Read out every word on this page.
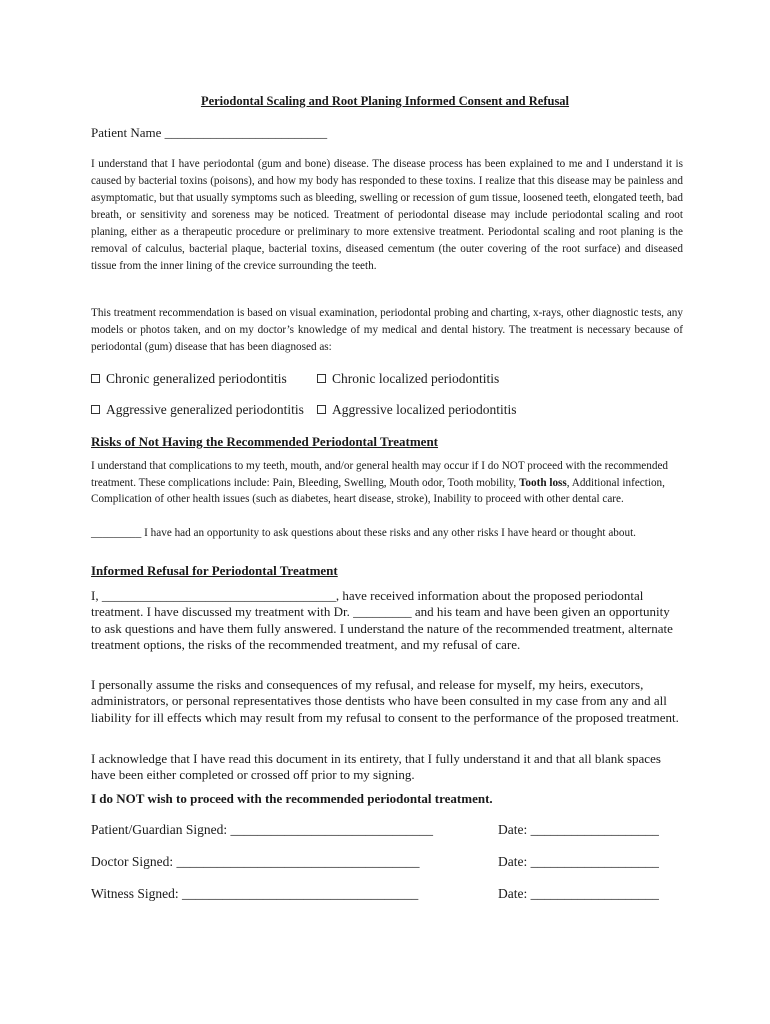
Periodontal Scaling and Root Planing Informed Consent and Refusal
Patient Name _________________________
I understand that I have periodontal (gum and bone) disease. The disease process has been explained to me and I understand it is caused by bacterial toxins (poisons), and how my body has responded to these toxins. I realize that this disease may be painless and asymptomatic, but that usually symptoms such as bleeding, swelling or recession of gum tissue, loosened teeth, elongated teeth, bad breath, or sensitivity and soreness may be noticed. Treatment of periodontal disease may include periodontal scaling and root planing, either as a therapeutic procedure or preliminary to more extensive treatment. Periodontal scaling and root planing is the removal of calculus, bacterial plaque, bacterial toxins, diseased cementum (the outer covering of the root surface) and diseased tissue from the inner lining of the crevice surrounding the teeth.
This treatment recommendation is based on visual examination, periodontal probing and charting, x-rays, other diagnostic tests, any models or photos taken, and on my doctor’s knowledge of my medical and dental history. The treatment is necessary because of periodontal (gum) disease that has been diagnosed as:
Chronic generalized periodontitis	Chronic localized periodontitis
Aggressive generalized periodontitis	Aggressive localized periodontitis
Risks of Not Having the Recommended Periodontal Treatment
I understand that complications to my teeth, mouth, and/or general health may occur if I do NOT proceed with the recommended treatment. These complications include: Pain, Bleeding, Swelling, Mouth odor, Tooth mobility, Tooth loss, Additional infection, Complication of other health issues (such as diabetes, heart disease, stroke), Inability to proceed with other dental care.
_________ I have had an opportunity to ask questions about these risks and any other risks I have heard or thought about.
Informed Refusal for Periodontal Treatment
I, ____________________________________, have received information about the proposed periodontal treatment. I have discussed my treatment with Dr. _________ and his team and have been given an opportunity to ask questions and have them fully answered. I understand the nature of the recommended treatment, alternate treatment options, the risks of the recommended treatment, and my refusal of care.
I personally assume the risks and consequences of my refusal, and release for myself, my heirs, executors, administrators, or personal representatives those dentists who have been consulted in my case from any and all liability for ill effects which may result from my refusal to consent to the performance of the proposed treatment.
I acknowledge that I have read this document in its entirety, that I fully understand it and that all blank spaces have been either completed or crossed off prior to my signing.
I do NOT wish to proceed with the recommended periodontal treatment.
Patient/Guardian Signed: ______________________________	Date: ___________________
Doctor Signed: ____________________________________	Date: ___________________
Witness Signed: ___________________________________	Date: ___________________
